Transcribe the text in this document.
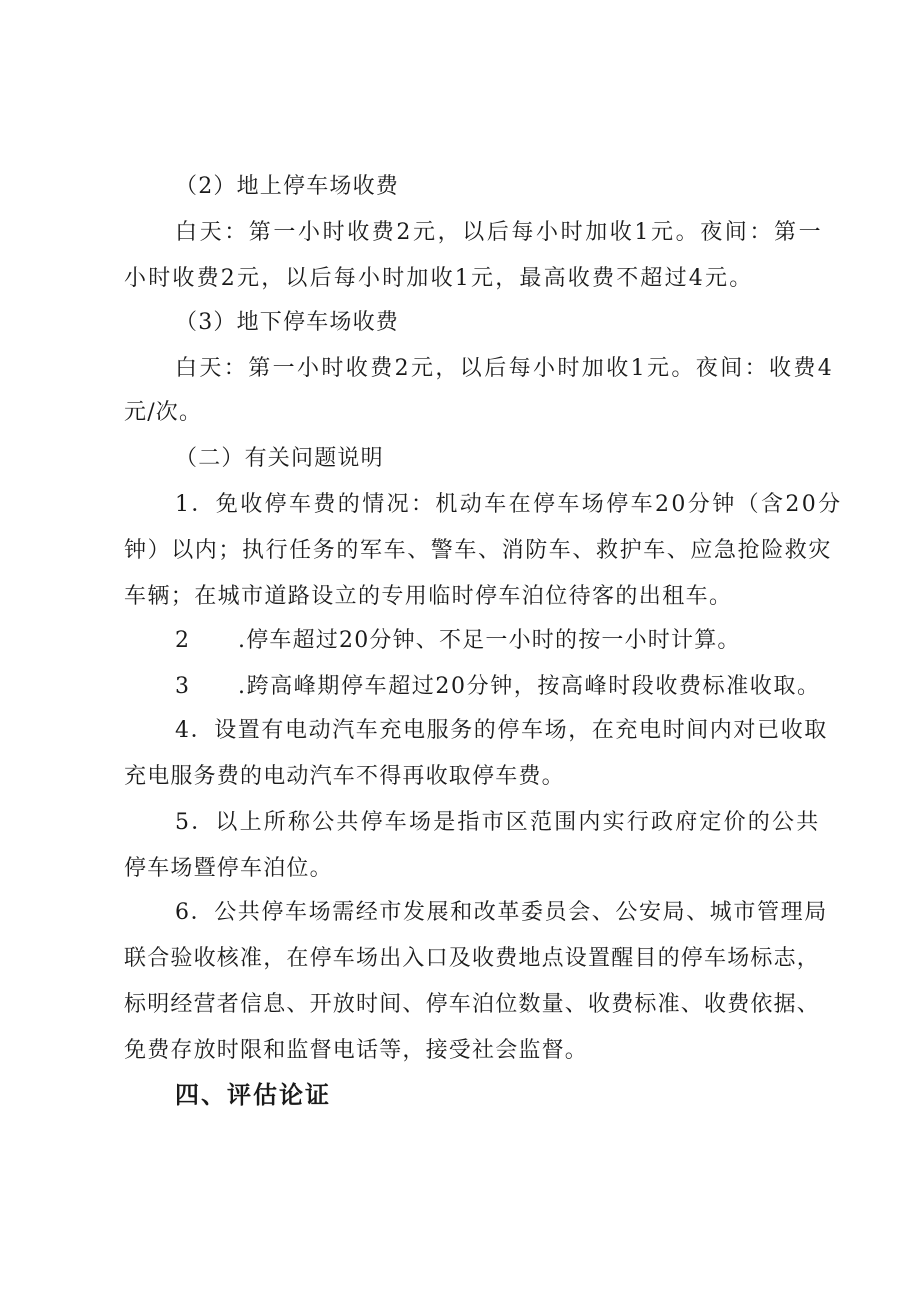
（2）地上停车场收费
白天：第一小时收费2元，以后每小时加收1元。夜间：第一
小时收费2元，以后每小时加收1元，最高收费不超过4元。
（3）地下停车场收费
白天：第一小时收费2元，以后每小时加收1元。夜间：收费4
元/次。
（二）有关问题说明
1．免收停车费的情况：机动车在停车场停车20分钟（含20分
钟）以内；执行任务的军车、警车、消防车、救护车、应急抢险救灾
车辆；在城市道路设立的专用临时停车泊位待客的出租车。
2	.停车超过20分钟、不足一小时的按一小时计算。
3	.跨高峰期停车超过20分钟，按高峰时段收费标准收取。
4．设置有电动汽车充电服务的停车场，在充电时间内对已收取
充电服务费的电动汽车不得再收取停车费。
5．以上所称公共停车场是指市区范围内实行政府定价的公共
停车场暨停车泊位。
6．公共停车场需经市发展和改革委员会、公安局、城市管理局
联合验收核准，在停车场出入口及收费地点设置醒目的停车场标志，
标明经营者信息、开放时间、停车泊位数量、收费标准、收费依据、
免费存放时限和监督电话等，接受社会监督。
四、评估论证
